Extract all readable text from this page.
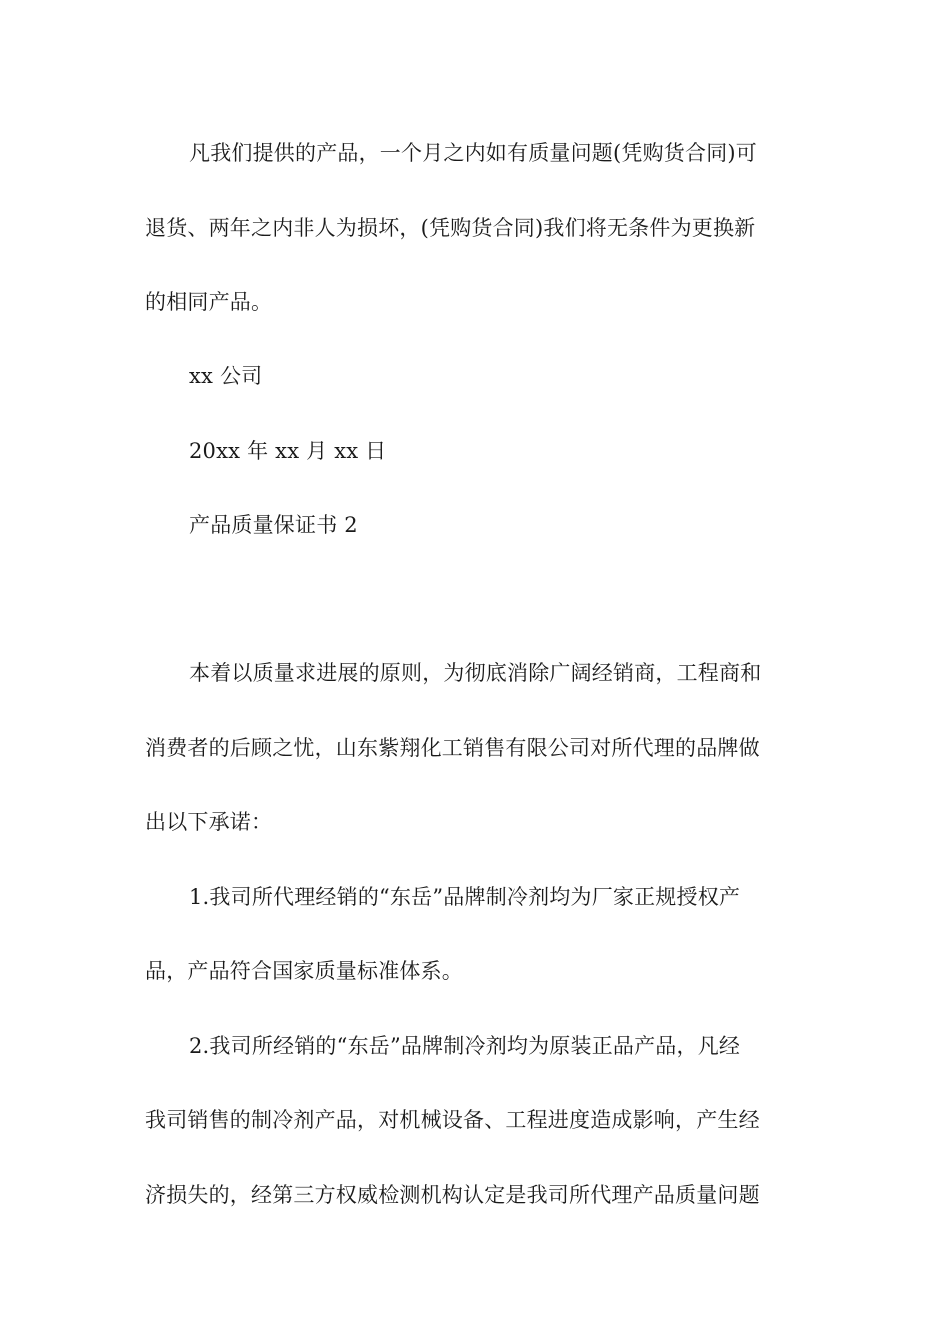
凡我们提供的产品，一个月之内如有质量问题(凭购货合同)可
退货、两年之内非人为损坏，(凭购货合同)我们将无条件为更换新
的相同产品。
xx 公司
20xx 年 xx 月 xx 日
产品质量保证书 2
本着以质量求进展的原则，为彻底消除广阔经销商，工程商和
消费者的后顾之忧，山东紫翔化工销售有限公司对所代理的品牌做
出以下承诺：
1.我司所代理经销的“东岳”品牌制冷剂均为厂家正规授权产
品，产品符合国家质量标准体系。
2.我司所经销的“东岳”品牌制冷剂均为原装正品产品，凡经
我司销售的制冷剂产品，对机械设备、工程进度造成影响，产生经
济损失的，经第三方权威检测机构认定是我司所代理产品质量问题
